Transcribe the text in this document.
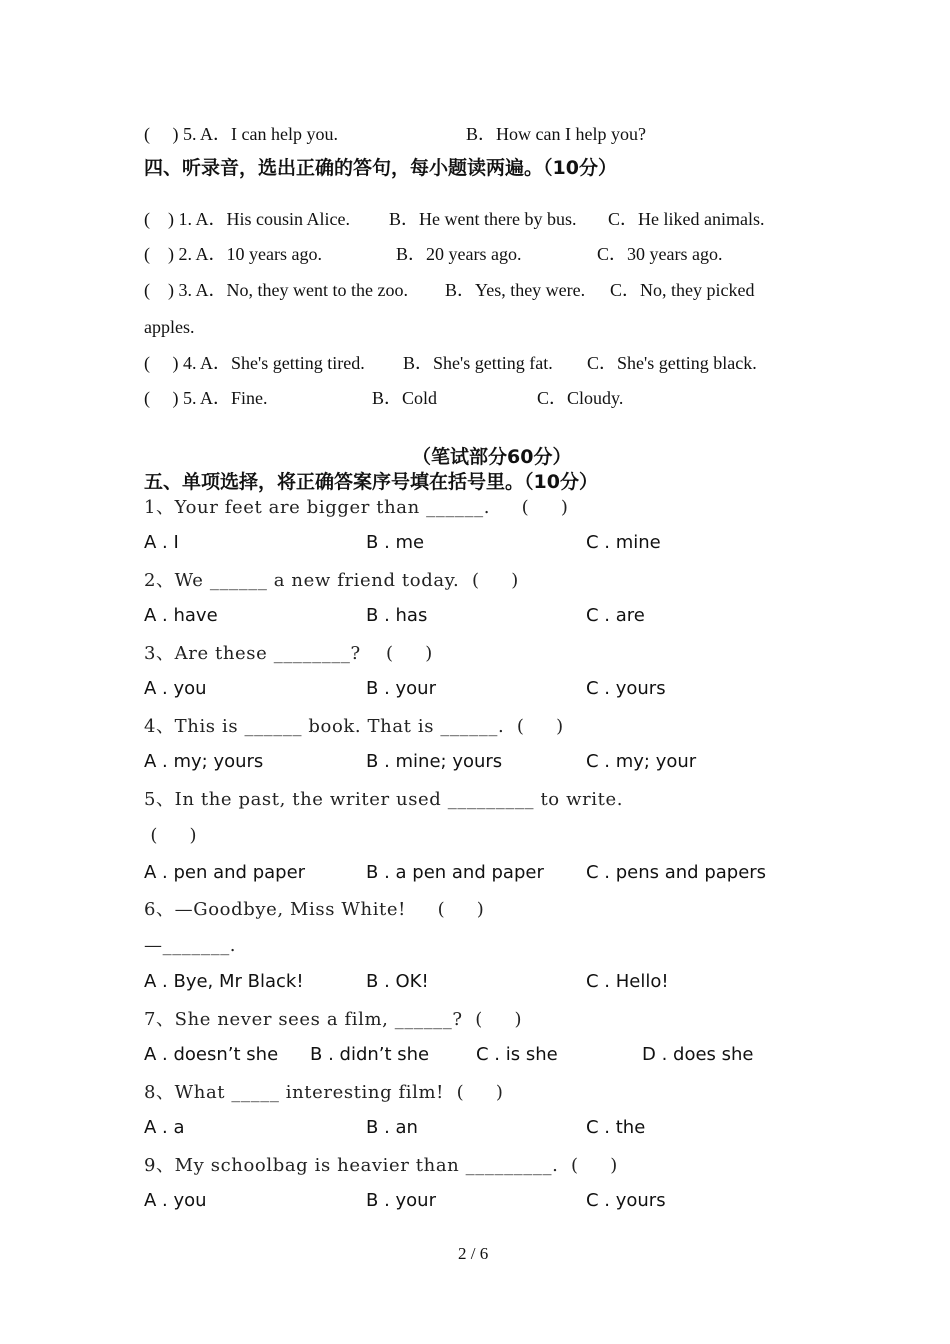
(     ) 5. A．I can help you.	B．How can I help you?
四、听录音，选出正确的答句，每小题读两遍。（10分）
(    ) 1. A．His cousin Alice. B．He went there by bus. C．He liked animals.
(    ) 2. A．10 years ago.	B．20 years ago.	C．30 years ago.
(    ) 3. A．No, they went to the zoo. B．Yes, they were. C．No, they picked
apples.
(     ) 4. A．She's getting tired. B．She's getting fat. C．She's getting black.
(     ) 5. A．Fine.	B．Cold	C．Cloudy.
（笔试部分60分）
五、单项选择，将正确答案序号填在括号里。（10分）
1、Your feet are bigger than ______.     (     )
A . I	B . me	C . mine
2、We ______ a new friend today.  (     )
A . have	B . has	C . are
3、Are these ________?    (     )
A . you	B . your	C . yours
4、This is ______ book. That is ______.  (     )
A . my; yours	B . mine; yours	C . my; your
5、In the past, the writer used _________ to write.
(     )
A . pen and paper	B . a pen and paper C . pens and papers
6、—Goodbye, Miss White!     (     )
—_______.
A . Bye, Mr Black!	B . OK!	C . Hello!
7、She never sees a film, ______?  (     )
A . doesn’t she B . didn’t she	C . is she	D . does she
8、What _____ interesting film!  (     )
A . a	B . an	C . the
9、My schoolbag is heavier than _________.  (     )
A . you	B . your	C . yours
2 / 6
